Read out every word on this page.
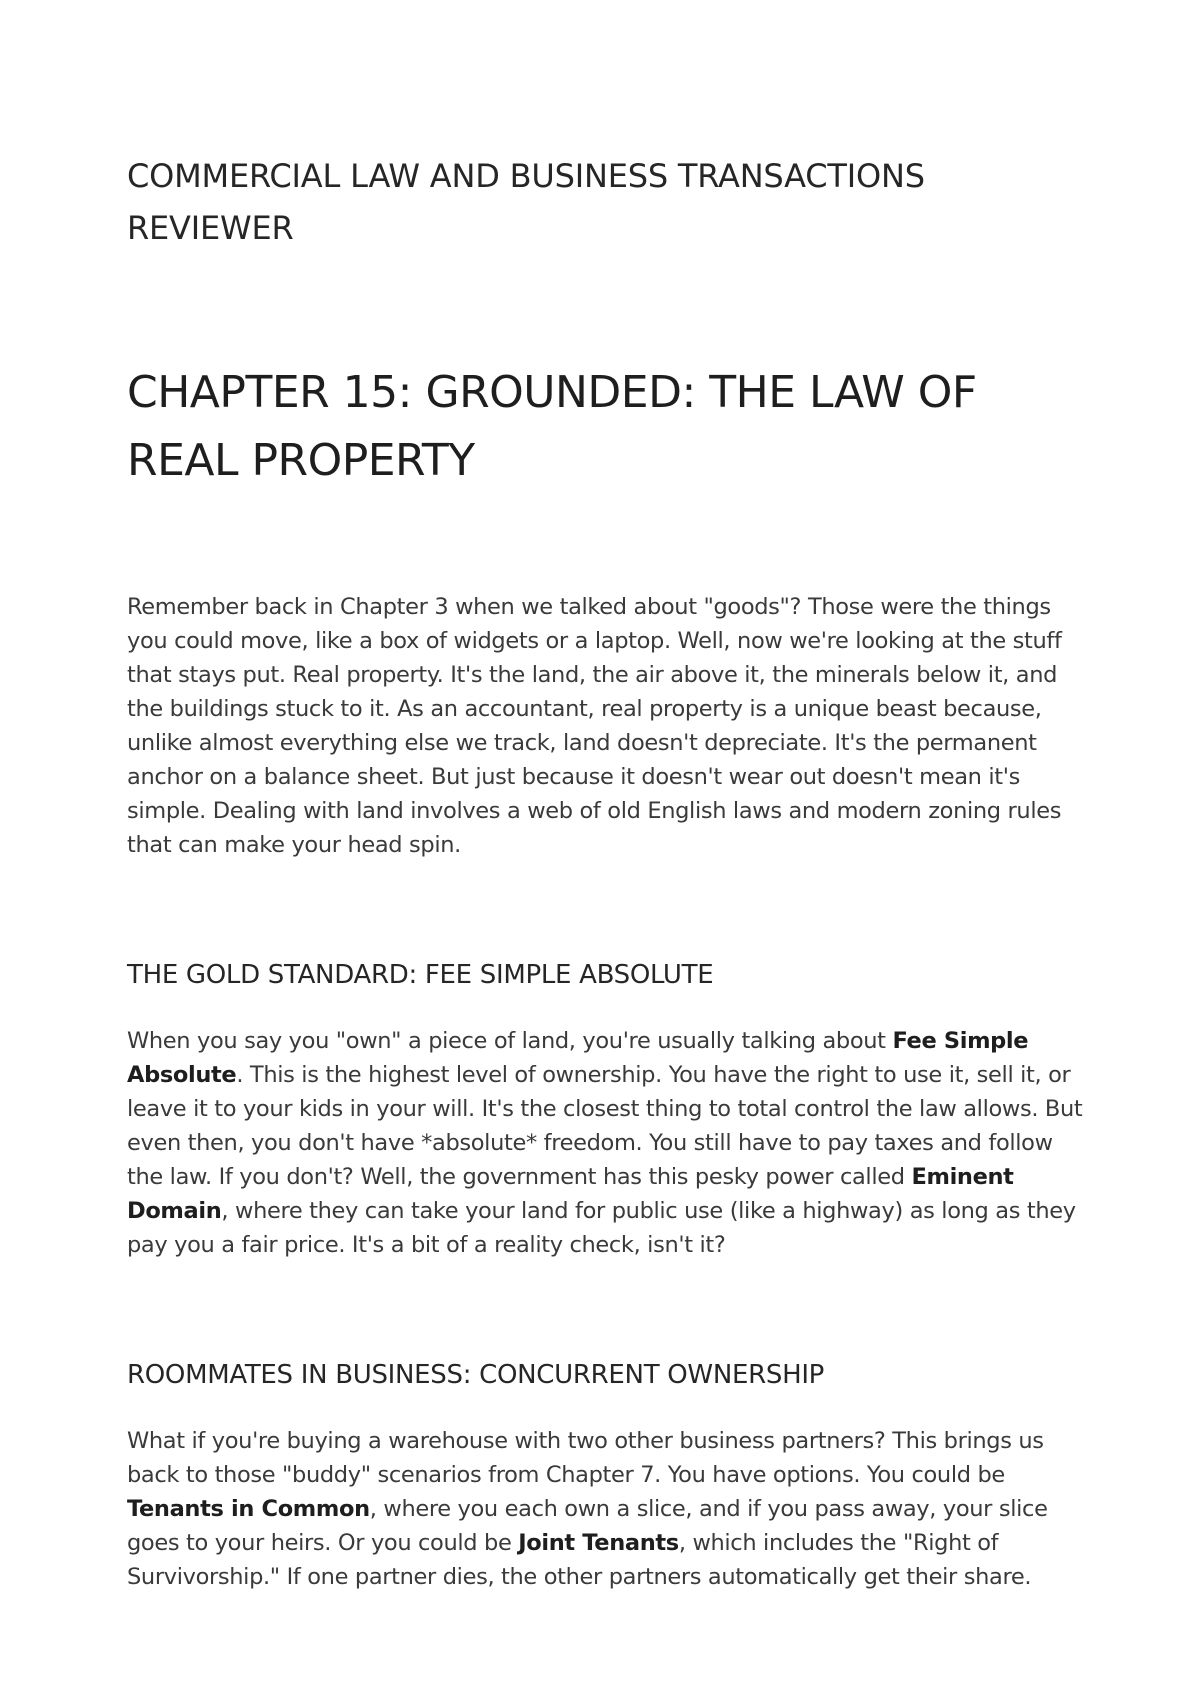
COMMERCIAL LAW AND BUSINESS TRANSACTIONS REVIEWER
CHAPTER 15: GROUNDED: THE LAW OF REAL PROPERTY

Remember back in Chapter 3 when we talked about "goods"? Those were the things you could move, like a box of widgets or a laptop. Well, now we're looking at the stuff that stays put. Real property. It's the land, the air above it, the minerals below it, and the buildings stuck to it. As an accountant, real property is a unique beast because, unlike almost everything else we track, land doesn't depreciate. It's the permanent anchor on a balance sheet. But just because it doesn't wear out doesn't mean it's simple. Dealing with land involves a web of old English laws and modern zoning rules that can make your head spin.

THE GOLD STANDARD: FEE SIMPLE ABSOLUTE

When you say you "own" a piece of land, you're usually talking about Fee Simple Absolute. This is the highest level of ownership. You have the right to use it, sell it, or leave it to your kids in your will. It's the closest thing to total control the law allows. But even then, you don't have *absolute* freedom. You still have to pay taxes and follow the law. If you don't? Well, the government has this pesky power called Eminent Domain, where they can take your land for public use (like a highway) as long as they pay you a fair price. It's a bit of a reality check, isn't it?

ROOMMATES IN BUSINESS: CONCURRENT OWNERSHIP

What if you're buying a warehouse with two other business partners? This brings us back to those "buddy" scenarios from Chapter 7. You have options. You could be Tenants in Common, where you each own a slice, and if you pass away, your slice goes to your heirs. Or you could be Joint Tenants, which includes the "Right of Survivorship." If one partner dies, the other partners automatically get their share.
